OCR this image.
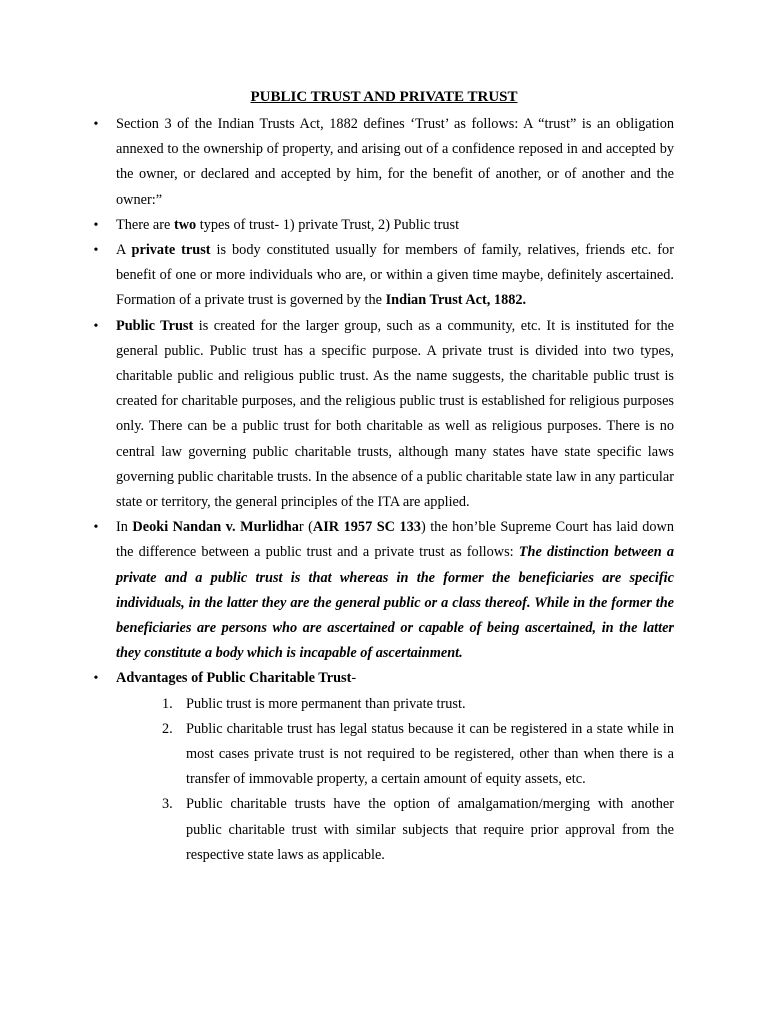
PUBLIC TRUST AND PRIVATE TRUST
• Section 3 of the Indian Trusts Act, 1882 defines ‘Trust’ as follows: A “trust” is an obligation annexed to the ownership of property, and arising out of a confidence reposed in and accepted by the owner, or declared and accepted by him, for the benefit of another, or of another and the owner:”
• There are two types of trust- 1) private Trust, 2) Public trust
• A private trust is body constituted usually for members of family, relatives, friends etc. for benefit of one or more individuals who are, or within a given time maybe, definitely ascertained. Formation of a private trust is governed by the Indian Trust Act, 1882.
• Public Trust is created for the larger group, such as a community, etc. It is instituted for the general public. Public trust has a specific purpose. A private trust is divided into two types, charitable public and religious public trust. As the name suggests, the charitable public trust is created for charitable purposes, and the religious public trust is established for religious purposes only. There can be a public trust for both charitable as well as religious purposes. There is no central law governing public charitable trusts, although many states have state specific laws governing public charitable trusts. In the absence of a public charitable state law in any particular state or territory, the general principles of the ITA are applied.
• In Deoki Nandan v. Murlidhar (AIR 1957 SC 133) the hon’ble Supreme Court has laid down the difference between a public trust and a private trust as follows: The distinction between a private and a public trust is that whereas in the former the beneficiaries are specific individuals, in the latter they are the general public or a class thereof. While in the former the beneficiaries are persons who are ascertained or capable of being ascertained, in the latter they constitute a body which is incapable of ascertainment.
• Advantages of Public Charitable Trust-
1. Public trust is more permanent than private trust.
2. Public charitable trust has legal status because it can be registered in a state while in most cases private trust is not required to be registered, other than when there is a transfer of immovable property, a certain amount of equity assets, etc.
3. Public charitable trusts have the option of amalgamation/merging with another public charitable trust with similar subjects that require prior approval from the respective state laws as applicable.
